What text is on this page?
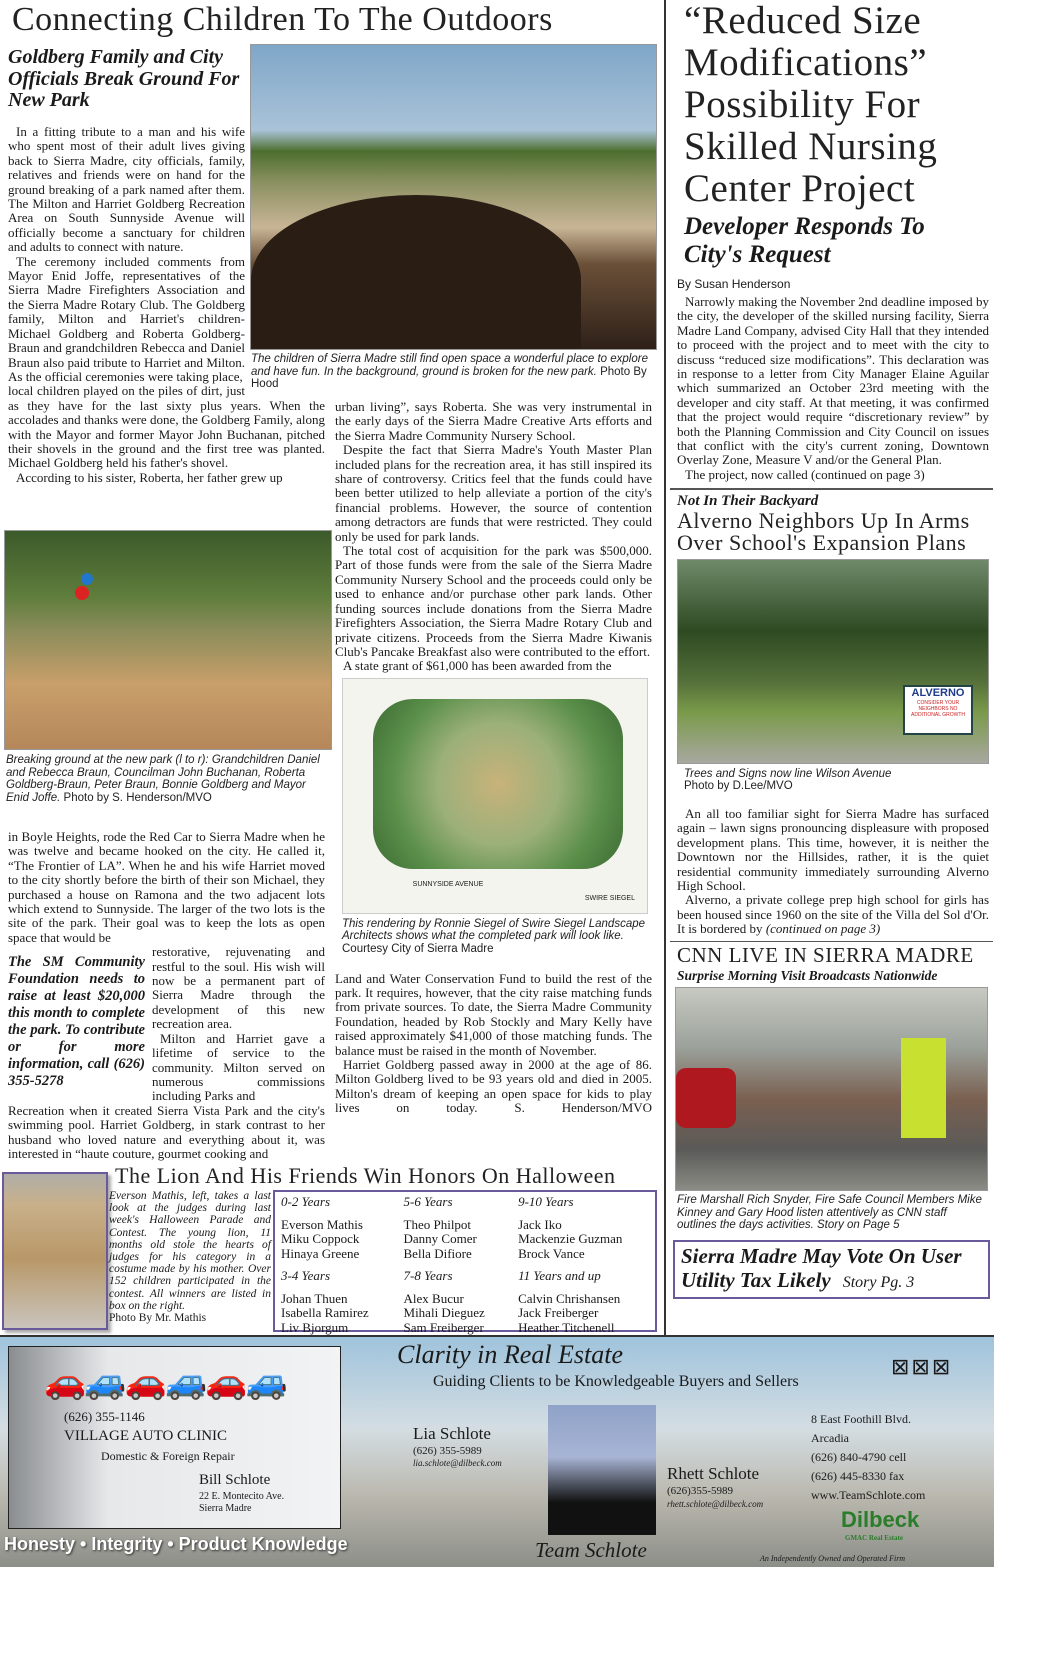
Connecting Children To The Outdoors
Goldberg Family and City Officials Break Ground For New Park
The children of Sierra Madre still find open space a wonderful place to explore and have fun. In the background, ground is broken for the new park. Photo By Hood

In a fitting tribute to a man and his wife who spent most of their adult lives giving back to Sierra Madre, city officials, family, relatives and friends were on hand for the ground breaking of a park named after them. The Milton and Harriet Goldberg Recreation Area on South Sunnyside Avenue will officially become a sanctuary for children and adults to connect with nature.

The ceremony included comments from Mayor Enid Joffe, representatives of the Sierra Madre Firefighters Association and the Sierra Madre Rotary Club. The Goldberg family, Milton and Harriet's children-Michael Goldberg and Roberta Goldberg-Braun and grandchildren Rebecca and Daniel Braun also paid tribute to Harriet and Milton. As the official ceremonies were taking place,

local children played on the piles of dirt, just as they have for the last sixty plus years. When the accolades and thanks were done, the Goldberg Family, along with the Mayor and former Mayor John Buchanan, pitched their shovels in the ground and the first tree was planted. Michael Goldberg held his father's shovel.

According to his sister, Roberta, her father grew up

Breaking ground at the new park (l to r): Grandchildren Daniel and Rebecca Braun, Councilman John Buchanan, Roberta Goldberg-Braun, Peter Braun, Bonnie Goldberg and Mayor Enid Joffe. Photo by S. Henderson/MVO
The SM Community Foundation needs to raise at least $20,000 this month to complete the park. To contribute or for more information, call (626) 355-5278

in Boyle Heights, rode the Red Car to Sierra Madre when he was twelve and became hooked on the city. He called it, “The Frontier of LA”. When he and his wife Harriet moved to the city shortly before the birth of their son Michael, they purchased a house on Ramona and the two adjacent lots which extend to Sunnyside. The larger of the two lots is the site of the park. Their goal was to keep the lots as open space that would be

restorative, rejuvenating and restful to the soul. His wish will now be a permanent part of Sierra Madre through the development of this new recreation area.

Milton and Harriet gave a lifetime of service to the community. Milton served on numerous commissions including Parks and

Recreation when it created Sierra Vista Park and the city's swimming pool. Harriet Goldberg, in stark contrast to her husband who loved nature and everything about it, was interested in “haute couture, gourmet cooking and

urban living”, says Roberta. She was very instrumental in the early days of the Sierra Madre Creative Arts efforts and the Sierra Madre Community Nursery School.

Despite the fact that Sierra Madre's Youth Master Plan included plans for the recreation area, it has still inspired its share of controversy. Critics feel that the funds could have been better utilized to help alleviate a portion of the city's financial problems. However, the source of contention among detractors are funds that were restricted. They could only be used for park lands.

The total cost of acquisition for the park was $500,000. Part of those funds were from the sale of the Sierra Madre Community Nursery School and the proceeds could only be used to enhance and/or purchase other park lands. Other funding sources include donations from the Sierra Madre Firefighters Association, the Sierra Madre Rotary Club and private citizens. Proceeds from the Sierra Madre Kiwanis Club's Pancake Breakfast also were contributed to the effort.

A state grant of $61,000 has been awarded from the

SUNNYSIDE AVENUE
SWIRE SIEGEL
This rendering by Ronnie Siegel of Swire Siegel Landscape Architects shows what the completed park will look like. Courtesy City of Sierra Madre

Land and Water Conservation Fund to build the rest of the park. It requires, however, that the city raise matching funds from private sources. To date, the Sierra Madre Community Foundation, headed by Rob Stockly and Mary Kelly have raised approximately $41,000 of those matching funds. The balance must be raised in the month of November.

Harriet Goldberg passed away in 2000 at the age of 86. Milton Goldberg lived to be 93 years old and died in 2005. Milton's dream of keeping an open space for kids to play lives on today.	S. Henderson/MVO

The Lion And His Friends Win Honors On Halloween
Everson Mathis, left, takes a last look at the judges during last week's Halloween Parade and Contest. The young lion, 11 months old stole the hearts of judges for his category in a costume made by his mother. Over 152 children participated in the contest. All winners are listed in box on the right.
Photo By Mr. Mathis
0-2 Years	5-6 Years	9-10 Years
Everson Mathis	Theo Philpot	Jack Iko
Miku Coppock	Danny Comer	Mackenzie Guzman
Hinaya Greene	Bella Difiore	Brock Vance
3-4 Years	7-8 Years	11 Years and up
Johan Thuen	Alex Bucur	Calvin Chrishansen
Isabella Ramirez	Mihali Dieguez	Jack Freiberger
Liv Bjorgum	Sam Freiberger	Heather Titchenell
“Reduced Size Modifications” Possibility For Skilled Nursing Center Project
Developer Responds To City's Request
By Susan Henderson

Narrowly making the November 2nd deadline imposed by the city, the developer of the skilled nursing facility, Sierra Madre Land Company, advised City Hall that they intended to proceed with the project and to meet with the city to discuss “reduced size modifications”. This declaration was in response to a letter from City Manager Elaine Aguilar which summarized an October 23rd meeting with the developer and city staff. At that meeting, it was confirmed that the project would require “discretionary review” by both the Planning Commission and City Council on issues that conflict with the city's current zoning, Downtown Overlay Zone, Measure V and/or the General Plan.

The project, now called (continued on page 3)

Not In Their Backyard
Alverno Neighbors Up In Arms Over School's Expansion Plans
ALVERNO
CONSIDER YOUR NEIGHBORS NO ADDITIONAL GROWTH
Trees and Signs now line Wilson Avenue
Photo by D.Lee/MVO

An all too familiar sight for Sierra Madre has surfaced again – lawn signs pronouncing displeasure with proposed development plans. This time, however, it is neither the Downtown nor the Hillsides, rather, it is the quiet residential community immediately surrounding Alverno High School.

Alverno, a private college prep high school for girls has been housed since 1960 on the site of the Villa del Sol d'Or. It is bordered by (continued on page 3)

CNN LIVE IN SIERRA MADRE
Surprise Morning Visit Broadcasts Nationwide
Fire Marshall Rich Snyder, Fire Safe Council Members Mike Kinney and Gary Hood listen attentively as CNN staff outlines the days activities. Story on Page 5
Sierra Madre May Vote On User
Utility Tax Likely Story Pg. 3
🚗🚙🚗🚙🚗🚙
(626) 355-1146
VILLAGE AUTO CLINIC
Domestic & Foreign Repair
Bill Schlote
22 E. Montecito Ave.
Sierra Madre
Honesty • Integrity • Product Knowledge
Clarity in Real Estate
Guiding Clients to be Knowledgeable Buyers and Sellers
⊠⊠⊠
Lia Schlote
(626) 355-5989
lia.schlote@dilbeck.com
Rhett Schlote
(626)355-5989
rhett.schlote@dilbeck.com
8 East Foothill Blvd.
Arcadia
(626) 840-4790 cell
(626) 445-8330 fax
www.TeamSchlote.com
Dilbeck
GMAC Real Estate
Team Schlote	An Independently Owned and Operated Firm
